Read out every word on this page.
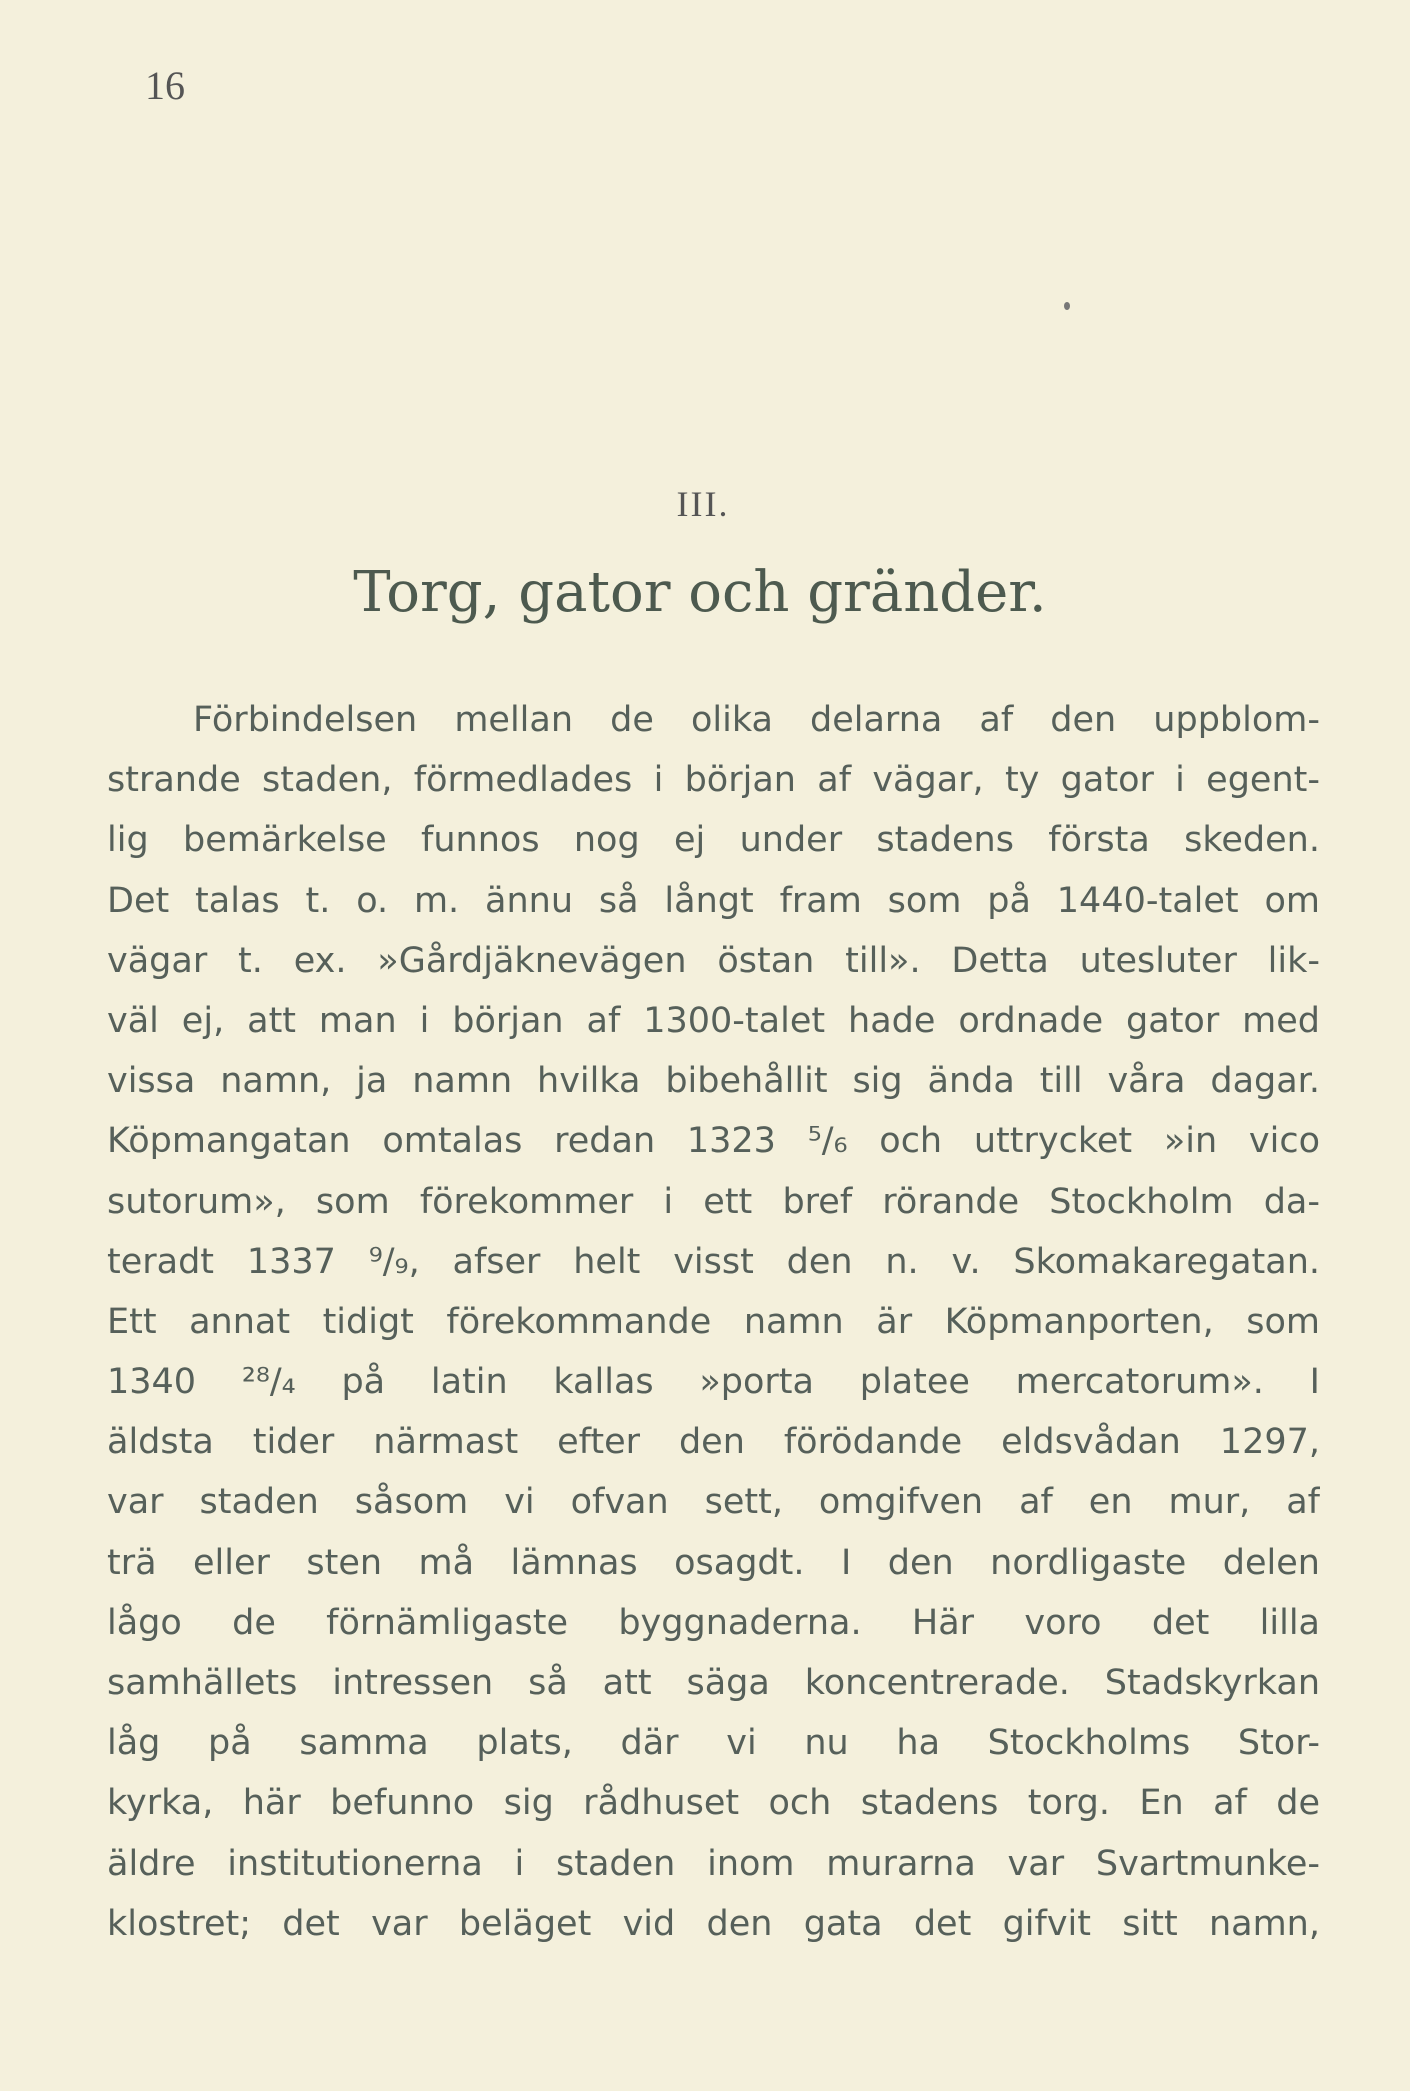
16
III.
Torg, gator och gränder.
Förbindelsen mellan de olika delarna af den uppblom-
strande staden, förmedlades i början af vägar, ty gator i egent-
lig bemärkelse funnos nog ej under stadens första skeden.
Det talas t. o. m. ännu så långt fram som på 1440-talet om
vägar t. ex. »Gårdjäknevägen östan till». Detta utesluter lik-
väl ej, att man i början af 1300-talet hade ordnade gator med
vissa namn, ja namn hvilka bibehållit sig ända till våra dagar.
Köpmangatan omtalas redan 1323 ⁵/₆ och uttrycket »in vico
sutorum», som förekommer i ett bref rörande Stockholm da-
teradt 1337 ⁹/₉, afser helt visst den n. v. Skomakaregatan.
Ett annat tidigt förekommande namn är Köpmanporten, som
1340 ²⁸/₄ på latin kallas »porta platee mercatorum». I
äldsta tider närmast efter den förödande eldsvådan 1297,
var staden såsom vi ofvan sett, omgifven af en mur, af
trä eller sten må lämnas osagdt. I den nordligaste delen
lågo de förnämligaste byggnaderna. Här voro det lilla
samhällets intressen så att säga koncentrerade. Stadskyrkan
låg på samma plats, där vi nu ha Stockholms Stor-
kyrka, här befunno sig rådhuset och stadens torg. En af de
äldre institutionerna i staden inom murarna var Svartmunke-
klostret; det var beläget vid den gata det gifvit sitt namn,
